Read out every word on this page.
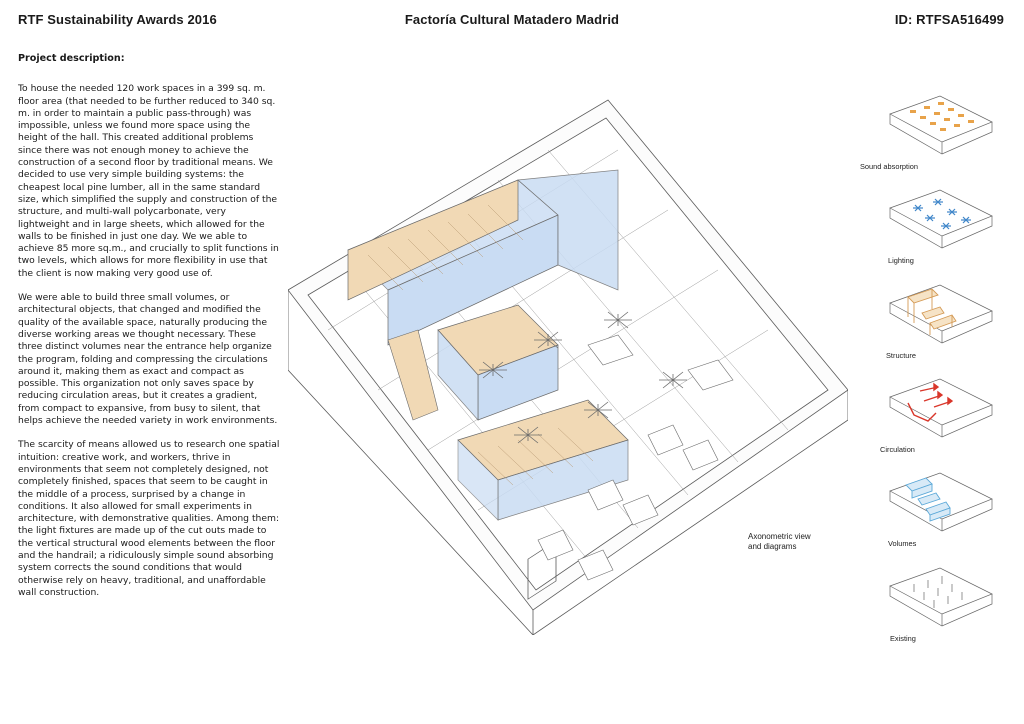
RTF Sustainability Awards 2016	Factoría Cultural Matadero Madrid	ID: RTFSA516499
Project description:

To house the needed 120 work spaces in a 399 sq. m. floor area (that needed to be further reduced to 340 sq. m. in order to maintain a public pass-through) was impossible, unless we found more space using the height of the hall. This created additional problems since there was not enough money to achieve the construction of a second floor by traditional means. We decided to use very simple building systems: the cheapest local pine lumber, all in the same standard size, which simplified the supply and construction of the structure, and multi-wall polycarbonate, very lightweight and in large sheets, which allowed for the walls to be finished in just one day. We we able to achieve 85 more sq.m., and crucially to split functions in two levels, which allows for more flexibility in use that the client is now making very good use of.

We were able to build three small volumes, or architectural objects, that changed and modified the quality of the available space, naturally producing the diverse working areas we thought necessary. These three distinct volumes near the entrance help organize the program, folding and compressing the circulations around it, making them as exact and compact as possible. This organization not only saves space by reducing circulation areas, but it creates a gradient, from compact to expansive, from busy to silent, that helps achieve the needed variety in work environments.

The scarcity of means allowed us to research one spatial intuition: creative work, and workers, thrive in environments that seem not completely designed, not completely finished, spaces that seem to be caught in the middle of a process, surprised by a change in conditions. It also allowed for small experiments in architecture, with demonstrative qualities. Among them: the light fixtures are made up of the cut outs made to the vertical structural wood elements between the floor and the handrail; a ridiculously simple sound absorbing system corrects the sound conditions that would otherwise rely on heavy, traditional, and unaffordable wall construction.

Axonometric view
and diagrams
Sound absorption
Lighting
Structure
Circulation
Volumes
Existing
